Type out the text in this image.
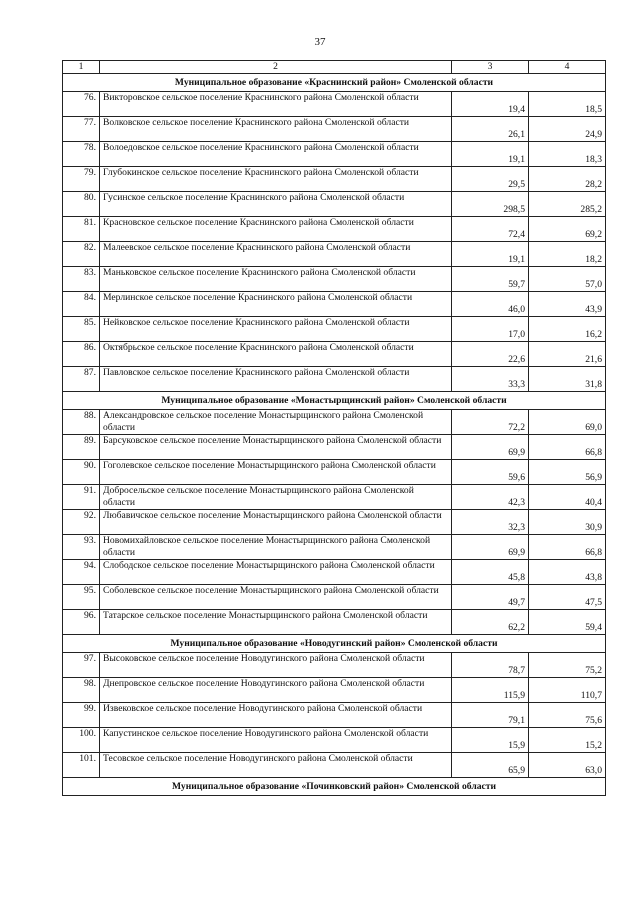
37
1	2	3	4
Муниципальное образование «Краснинский район» Смоленской области			
76.	Викторовское сельское поселение Краснинского района Смоленской области	19,4	18,5
77.	Волковское сельское поселение Краснинского района Смоленской области	26,1	24,9
78.	Волоедовское сельское поселение Краснинского района Смоленской области	19,1	18,3
79.	Глубокинское сельское поселение Краснинского района Смоленской области	29,5	28,2
80.	Гусинское сельское поселение Краснинского района Смоленской области	298,5	285,2
81.	Красновское сельское поселение Краснинского района Смоленской области	72,4	69,2
82.	Малеевское сельское поселение Краснинского района Смоленской области	19,1	18,2
83.	Маньковское сельское поселение Краснинского района Смоленской области	59,7	57,0
84.	Мерлинское сельское поселение Краснинского района Смоленской области	46,0	43,9
85.	Нейковское сельское поселение Краснинского района Смоленской области	17,0	16,2
86.	Октябрьское сельское поселение Краснинского района Смоленской области	22,6	21,6
87.	Павловское сельское поселение Краснинского района Смоленской области	33,3	31,8
Муниципальное образование «Монастырщинский район» Смоленской области			
88.	Александровское сельское поселение Монастырщинского района Смоленской области	72,2	69,0
89.	Барсуковское сельское поселение Монастырщинского района Смоленской области	69,9	66,8
90.	Гоголевское сельское поселение Монастырщинского района Смоленской области	59,6	56,9
91.	Добросельское сельское поселение Монастырщинского района Смоленской области	42,3	40,4
92.	Любавичское сельское поселение Монастырщинского района Смоленской области	32,3	30,9
93.	Новомихайловское сельское поселение Монастырщинского района Смоленской области	69,9	66,8
94.	Слободское сельское поселение Монастырщинского района Смоленской области	45,8	43,8
95.	Соболевское сельское поселение Монастырщинского района Смоленской области	49,7	47,5
96.	Татарское сельское поселение Монастырщинского района Смоленской области	62,2	59,4
Муниципальное образование «Новодугинский район» Смоленской области			
97.	Высоковское сельское поселение Новодугинского района Смоленской области	78,7	75,2
98.	Днепровское сельское поселение Новодугинского района Смоленской области	115,9	110,7
99.	Извековское сельское поселение Новодугинского района Смоленской области	79,1	75,6
100.	Капустинское сельское поселение Новодугинского района Смоленской области	15,9	15,2
101.	Тесовское сельское поселение Новодугинского района Смоленской области	65,9	63,0
Муниципальное образование «Починковский район» Смоленской области			
